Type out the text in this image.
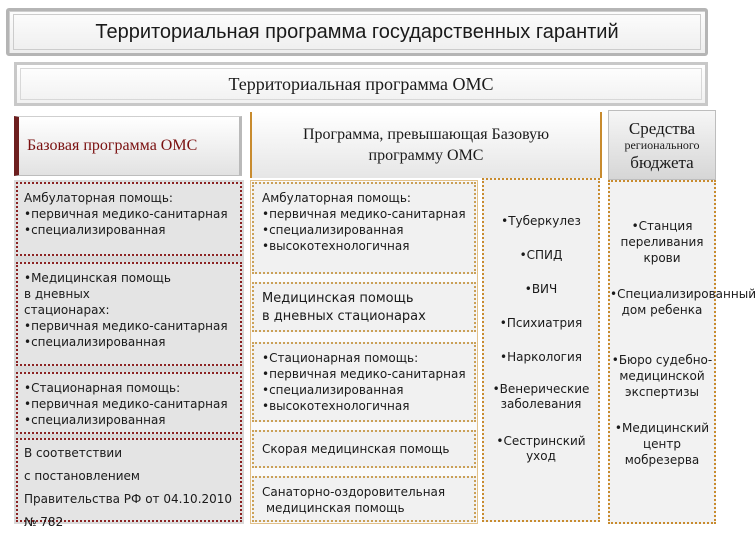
Территориальная программа государственных гарантий
Территориальная программа ОМС
Базовая программа ОМС
Программа, превышающая Базовую программу ОМС
Средства
регионального
бюджета
Амбулаторная помощь:
• первичная медико-санитарная
• специализированная
• Медицинская помощь
в дневных
стационарах:
• первичная медико-санитарная
• специализированная
• Стационарная помощь:
• первичная медико-санитарная
• специализированная
В соответствии
с постановлением
Правительства РФ от 04.10.2010
№ 782
Амбулаторная помощь:
• первичная медико-санитарная
• специализированная
• высокотехнологичная
Медицинская помощь
в дневных стационарах
• Стационарная помощь:
• первичная медико-санитарная
• специализированная
• высокотехнологичная
Скорая медицинская помощь
Санаторно-оздоровительная
медицинская помощь
• Туберкулез
• СПИД
• ВИЧ
• Психиатрия
• Наркология
• Венерические заболевания
• Сестринский уход
• Станция переливания крови
• Специализированный дом ребенка
• Бюро судебно-медицинской экспертизы
• Медицинский центр мобрезерва
